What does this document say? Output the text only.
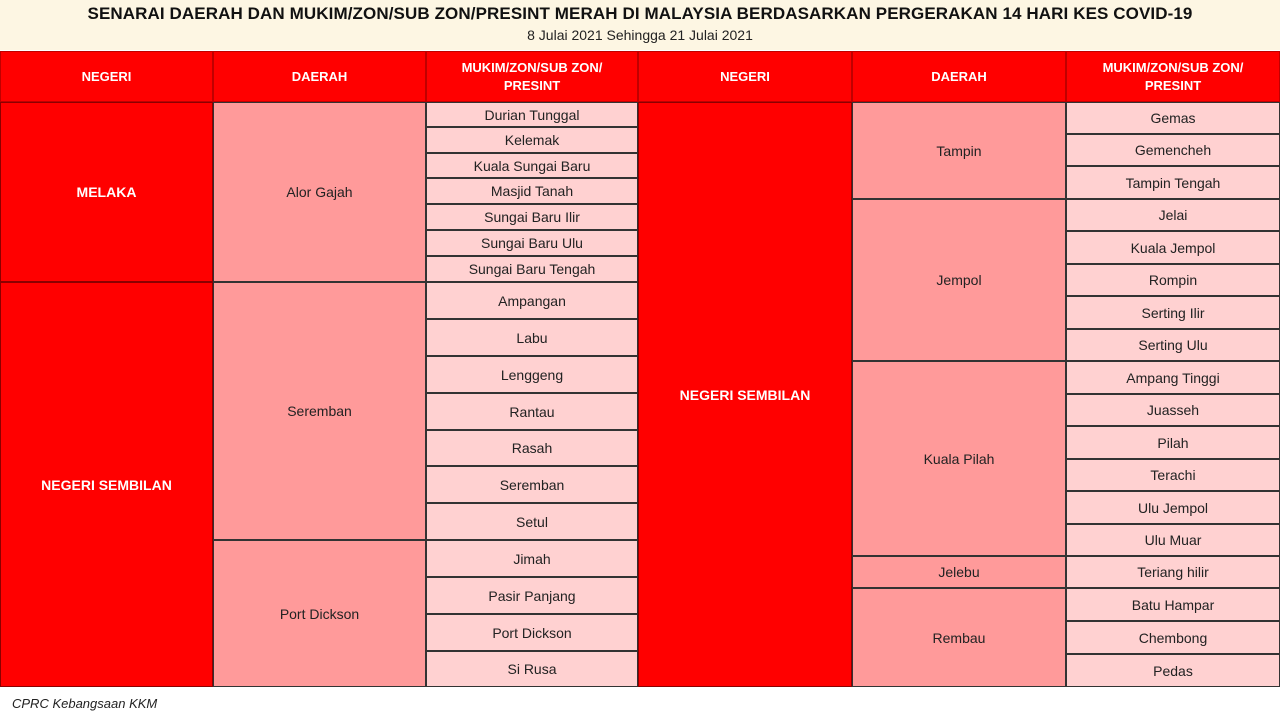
SENARAI DAERAH DAN MUKIM/ZON/SUB ZON/PRESINT MERAH DI MALAYSIA BERDASARKAN PERGERAKAN 14 HARI KES COVID-19
8 Julai 2021 Sehingga 21 Julai 2021
NEGERI	DAERAH
MUKIM/ZON/SUB ZON/
PRESINT
NEGERI	DAERAH
MUKIM/ZON/SUB ZON/
PRESINT
MELAKA
NEGERI SEMBILAN
Alor Gajah
Seremban
Port Dickson
Durian Tunggal
Kelemak
Kuala Sungai Baru
Masjid Tanah
Sungai Baru Ilir
Sungai Baru Ulu
Sungai Baru Tengah
Ampangan
Labu
Lenggeng
Rantau
Rasah
Seremban
Setul
Jimah
Pasir Panjang
Port Dickson
Si Rusa
NEGERI SEMBILAN
Tampin
Jempol
Kuala Pilah
Jelebu
Rembau
Gemas
Gemencheh
Tampin Tengah
Jelai
Kuala Jempol
Rompin
Serting Ilir
Serting Ulu
Ampang Tinggi
Juasseh
Pilah
Terachi
Ulu Jempol
Ulu Muar
Teriang hilir
Batu Hampar
Chembong
Pedas
CPRC Kebangsaan KKM
